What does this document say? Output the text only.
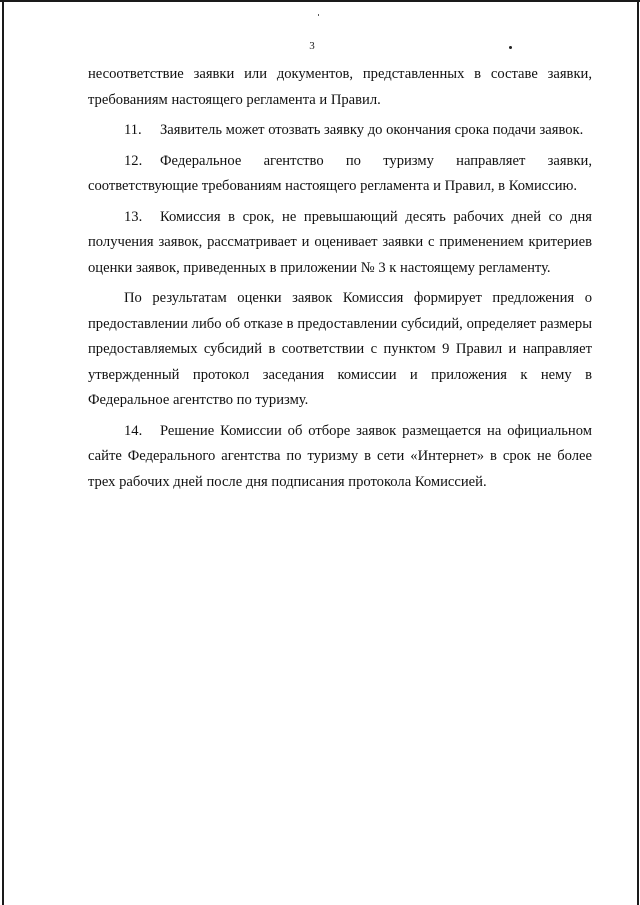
3

несоответствие заявки или документов, представленных в составе заявки, требованиям настоящего регламента и Правил.

11. Заявитель может отозвать заявку до окончания срока подачи заявок.

12. Федеральное агентство по туризму направляет заявки, соответствующие требованиям настоящего регламента и Правил, в Комиссию.

13. Комиссия в срок, не превышающий десять рабочих дней со дня получения заявок, рассматривает и оценивает заявки с применением критериев оценки заявок, приведенных в приложении № 3 к настоящему регламенту.

По результатам оценки заявок Комиссия формирует предложения о предоставлении либо об отказе в предоставлении субсидий, определяет размеры предоставляемых субсидий в соответствии с пунктом 9 Правил и направляет утвержденный протокол заседания комиссии и приложения к нему в Федеральное агентство по туризму.

14. Решение Комиссии об отборе заявок размещается на официальном сайте Федерального агентства по туризму в сети «Интернет» в срок не более трех рабочих дней после дня подписания протокола Комиссией.
